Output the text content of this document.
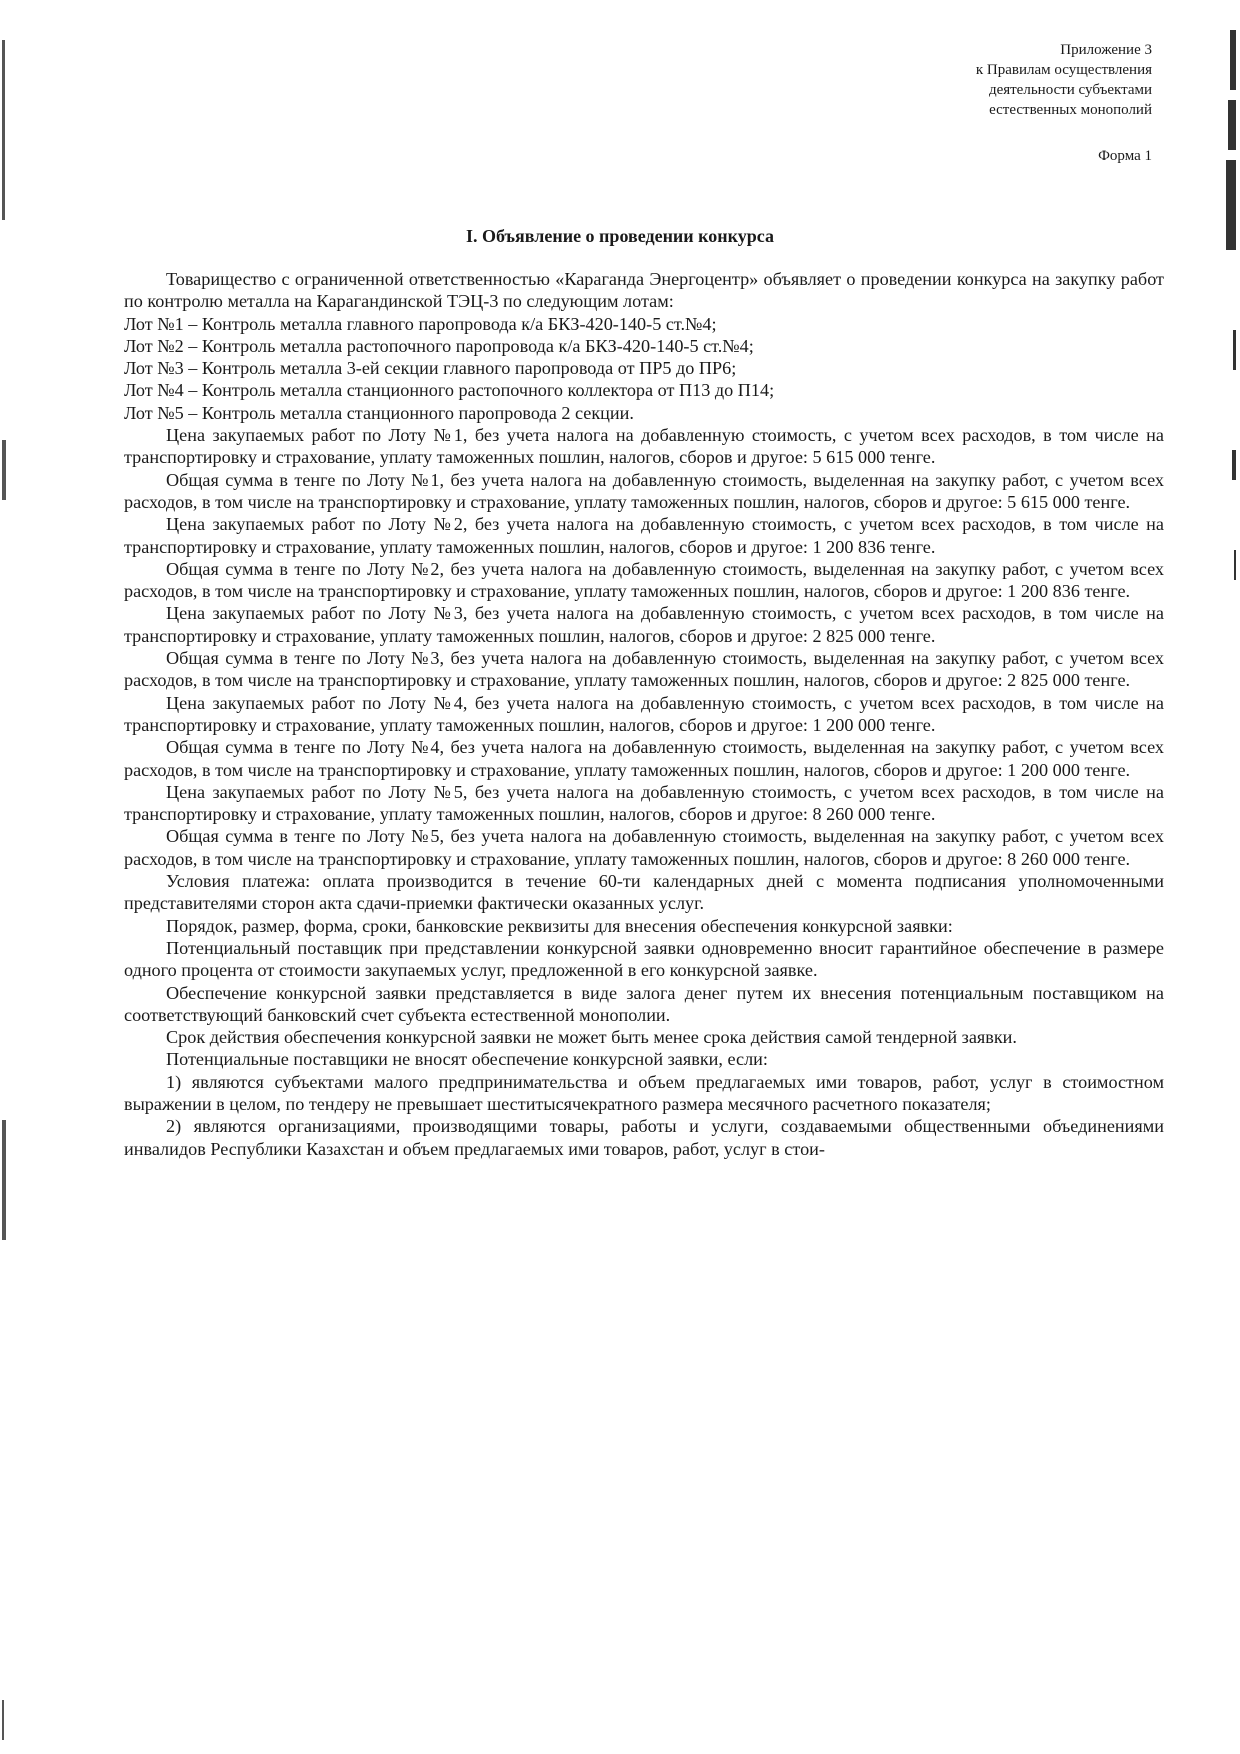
Приложение 3
к Правилам осуществления
деятельности субъектами
естественных монополий
Форма 1
I. Объявление о проведении конкурса

Товарищество с ограниченной ответственностью «Караганда Энергоцентр» объявляет о проведении конкурса на закупку работ по контролю металла на Карагандинской ТЭЦ-3 по следующим лотам:

Лот №1 – Контроль металла главного паропровода к/а БКЗ-420-140-5 ст.№4;

Лот №2 – Контроль металла растопочного паропровода к/а БКЗ-420-140-5 ст.№4;

Лот №3 – Контроль металла 3-ей секции главного паропровода от ПР5 до ПР6;

Лот №4 – Контроль металла станционного растопочного коллектора от П13 до П14;

Лот №5 – Контроль металла станционного паропровода 2 секции.

Цена закупаемых работ по Лоту №1, без учета налога на добавленную стоимость, с учетом всех расходов, в том числе на транспортировку и страхование, уплату таможенных пошлин, налогов, сборов и другое: 5 615 000 тенге.

Общая сумма в тенге по Лоту №1, без учета налога на добавленную стоимость, выделенная на закупку работ, с учетом всех расходов, в том числе на транспортировку и страхование, уплату таможенных пошлин, налогов, сборов и другое: 5 615 000 тенге.

Цена закупаемых работ по Лоту №2, без учета налога на добавленную стоимость, с учетом всех расходов, в том числе на транспортировку и страхование, уплату таможенных пошлин, налогов, сборов и другое: 1 200 836 тенге.

Общая сумма в тенге по Лоту №2, без учета налога на добавленную стоимость, выделенная на закупку работ, с учетом всех расходов, в том числе на транспортировку и страхование, уплату таможенных пошлин, налогов, сборов и другое: 1 200 836 тенге.

Цена закупаемых работ по Лоту №3, без учета налога на добавленную стоимость, с учетом всех расходов, в том числе на транспортировку и страхование, уплату таможенных пошлин, налогов, сборов и другое: 2 825 000 тенге.

Общая сумма в тенге по Лоту №3, без учета налога на добавленную стоимость, выделенная на закупку работ, с учетом всех расходов, в том числе на транспортировку и страхование, уплату таможенных пошлин, налогов, сборов и другое: 2 825 000 тенге.

Цена закупаемых работ по Лоту №4, без учета налога на добавленную стоимость, с учетом всех расходов, в том числе на транспортировку и страхование, уплату таможенных пошлин, налогов, сборов и другое: 1 200 000 тенге.

Общая сумма в тенге по Лоту №4, без учета налога на добавленную стоимость, выделенная на закупку работ, с учетом всех расходов, в том числе на транспортировку и страхование, уплату таможенных пошлин, налогов, сборов и другое: 1 200 000 тенге.

Цена закупаемых работ по Лоту №5, без учета налога на добавленную стоимость, с учетом всех расходов, в том числе на транспортировку и страхование, уплату таможенных пошлин, налогов, сборов и другое: 8 260 000 тенге.

Общая сумма в тенге по Лоту №5, без учета налога на добавленную стоимость, выделенная на закупку работ, с учетом всех расходов, в том числе на транспортировку и страхование, уплату таможенных пошлин, налогов, сборов и другое: 8 260 000 тенге.

Условия платежа: оплата производится в течение 60-ти календарных дней с момента подписания уполномоченными представителями сторон акта сдачи-приемки фактически оказанных услуг.

Порядок, размер, форма, сроки, банковские реквизиты для внесения обеспечения конкурсной заявки:

Потенциальный поставщик при представлении конкурсной заявки одновременно вносит гарантийное обеспечение в размере одного процента от стоимости закупаемых услуг, предложенной в его конкурсной заявке.

Обеспечение конкурсной заявки представляется в виде залога денег путем их внесения потенциальным поставщиком на соответствующий банковский счет субъекта естественной монополии.

Срок действия обеспечения конкурсной заявки не может быть менее срока действия самой тендерной заявки.

Потенциальные поставщики не вносят обеспечение конкурсной заявки, если:

1) являются субъектами малого предпринимательства и объем предлагаемых ими товаров, работ, услуг в стоимостном выражении в целом, по тендеру не превышает шеститысячекратного размера месячного расчетного показателя;

2) являются организациями, производящими товары, работы и услуги, создаваемыми общественными объединениями инвалидов Республики Казахстан и объем предлагаемых ими товаров, работ, услуг в стои-
